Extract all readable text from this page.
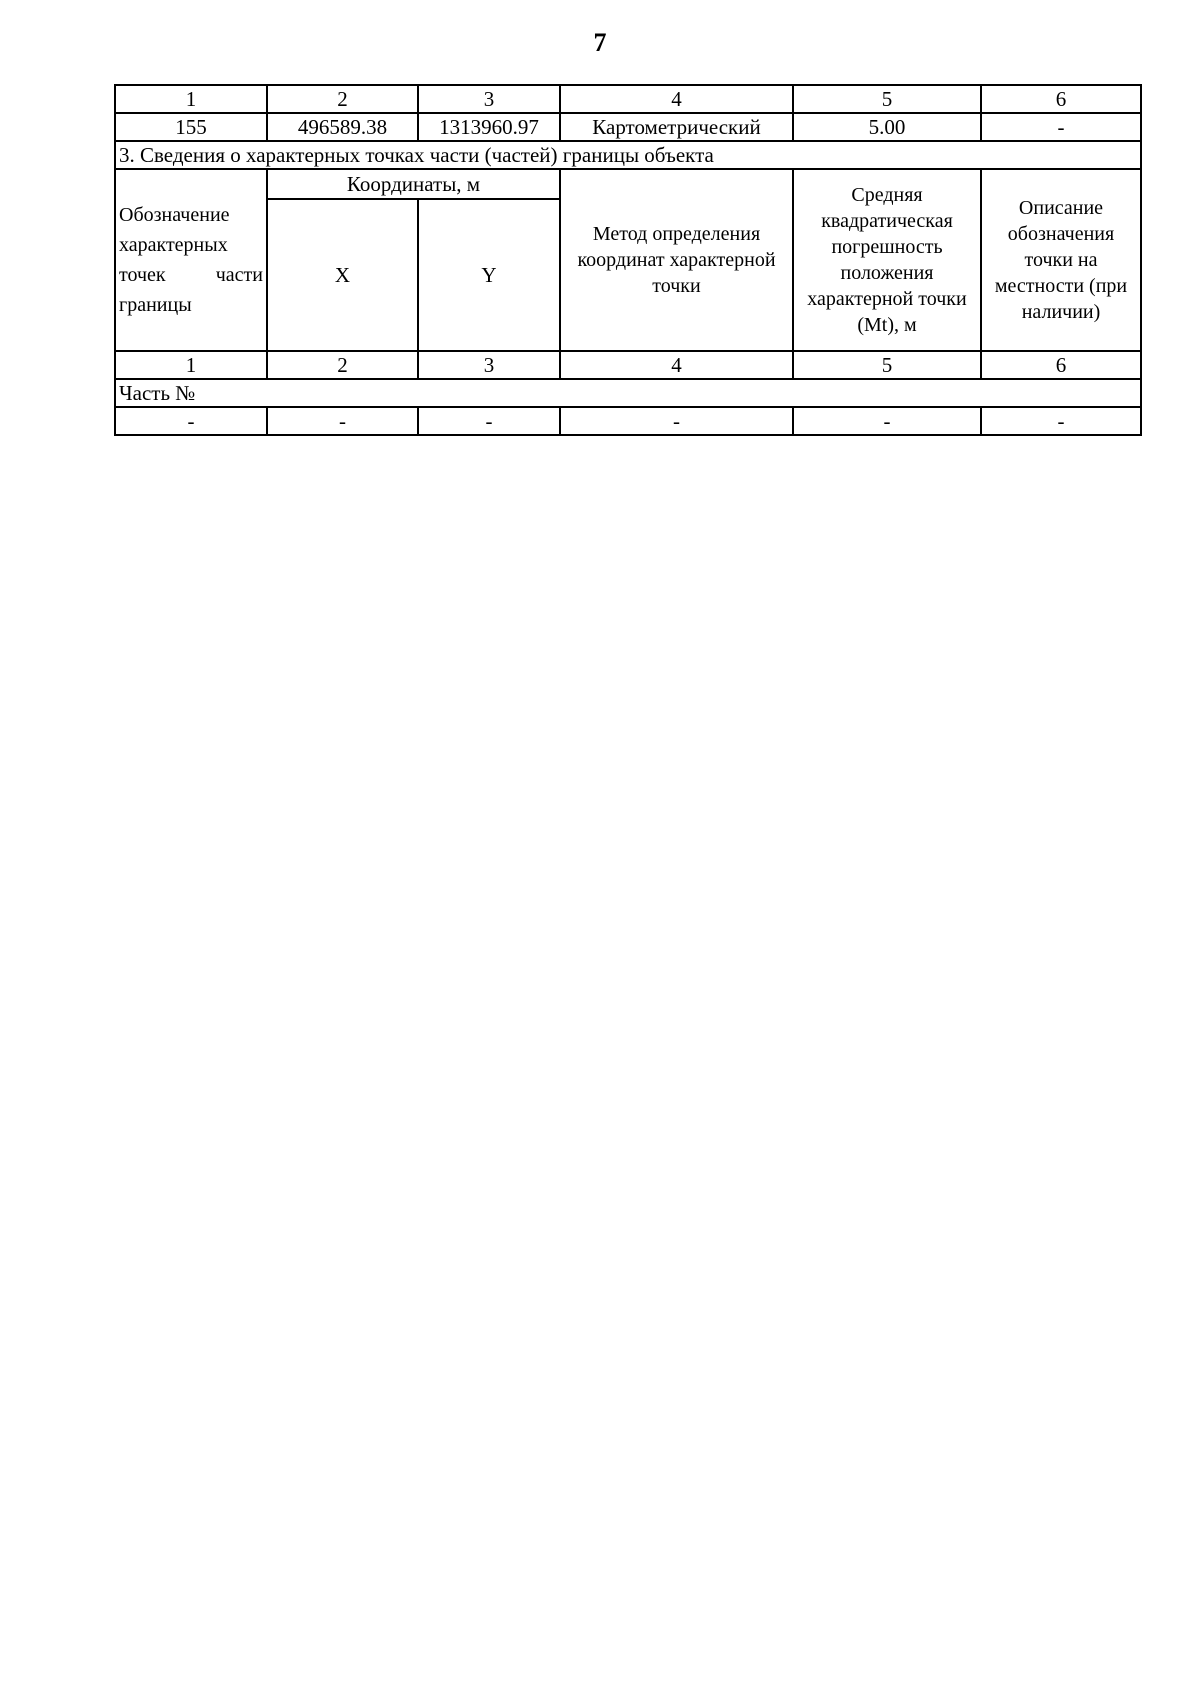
7
1	2	3	4	5	6
155	496589.38	1313960.97	Картометрический	5.00	-
3. Сведения о характерных точках части (частей) границы объекта					
Обозначение характерных точек части границы	Координаты, м		Метод определения координат характерной точки	Средняя квадратическая погрешность положения характерной точки (Mt), м	Описание обозначения точки на местности (при наличии)
	X	Y			
1	2	3	4	5	6
Часть №					
-	-	-	-	-	-
